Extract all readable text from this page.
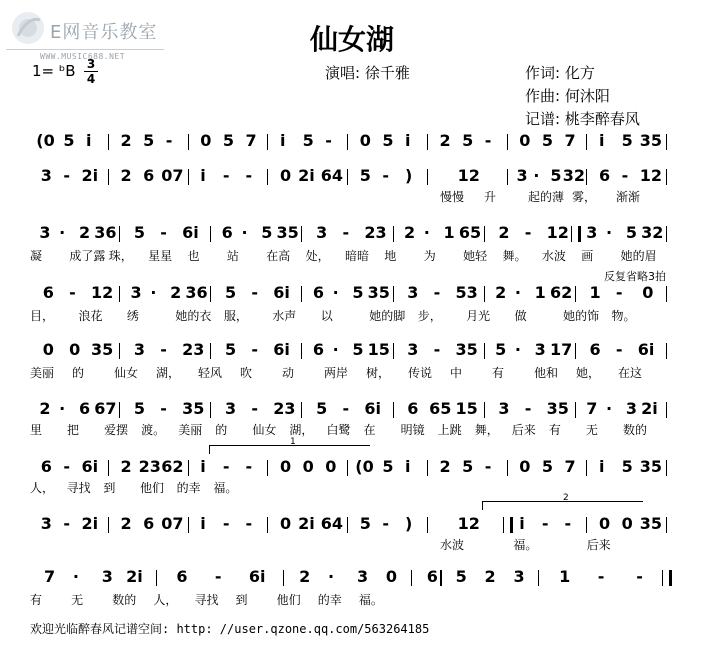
E网音乐教室
WWW.MUSIC688.NET
仙女湖
1= ᵇB 3
4	演唱: 徐千雅	作词: 化方
作曲: 何沐阳
记谱: 桃李醉春风
(0 5 i 2 5 - 0 5 7 i 5 - 0 5 i 2 5 - 0 5 7 i 5 35
3 - 2i 2 6 07 i - - 0 2i 64 5 - )	12 3 · 5 32 6 - 12
慢慢 升	起的薄 雾， 渐渐
3 · 2 36 5 - 6i 6 · 5 35 3 - 23 2 · 1 65 2 - 12 3 · 5 32
凝 成了露 珠， 星星 也 站 在高 处， 暗暗 地 为 她轻 舞。 水波 画 她的眉
6 - 12 3 · 2 36 5 - 6i 6 · 5 35 3 - 53 2 · 1 62 1 - 0
目， 浪花 绣	她的衣 服， 水声 以	她的脚 步， 月光 做	她的饰 物。
0 0 35 3 - 23 5 - 6i 6 · 5 15 3 - 35 5 · 3 17 6 - 6i
美丽 的 仙女 湖， 轻风 吹 动 两岸 树， 传说 中 有 他和 她， 在这
2 · 6 67 5 - 35 3 - 23 5 - 6i 6 65 15 3 - 35 7 · 3 2i
里 把 爱摆 渡。 美丽 的 仙女 湖， 白鹭 在 明镜 上跳 舞， 后来 有 无 数的
6 - 6i 2 23 62 i - - 0 0 0 (0 5 i 2 5 - 0 5 7 i 5 35
人， 寻找 到 他们 的幸 福。
3 - 2i 2 6 07 i - - 0 2i 64 5 - )	12 i - - 0 0 35
水波	福。	后来
7 · 3 2i 6 - 6i 2 · 3 0 6 5 2 3 1 - -
有 无 数的 人， 寻找 到 他们 的幸 福。
反复省略3拍
1
2
欢迎光临醉春风记谱空间: http: //user.qzone.qq.com/563264185
